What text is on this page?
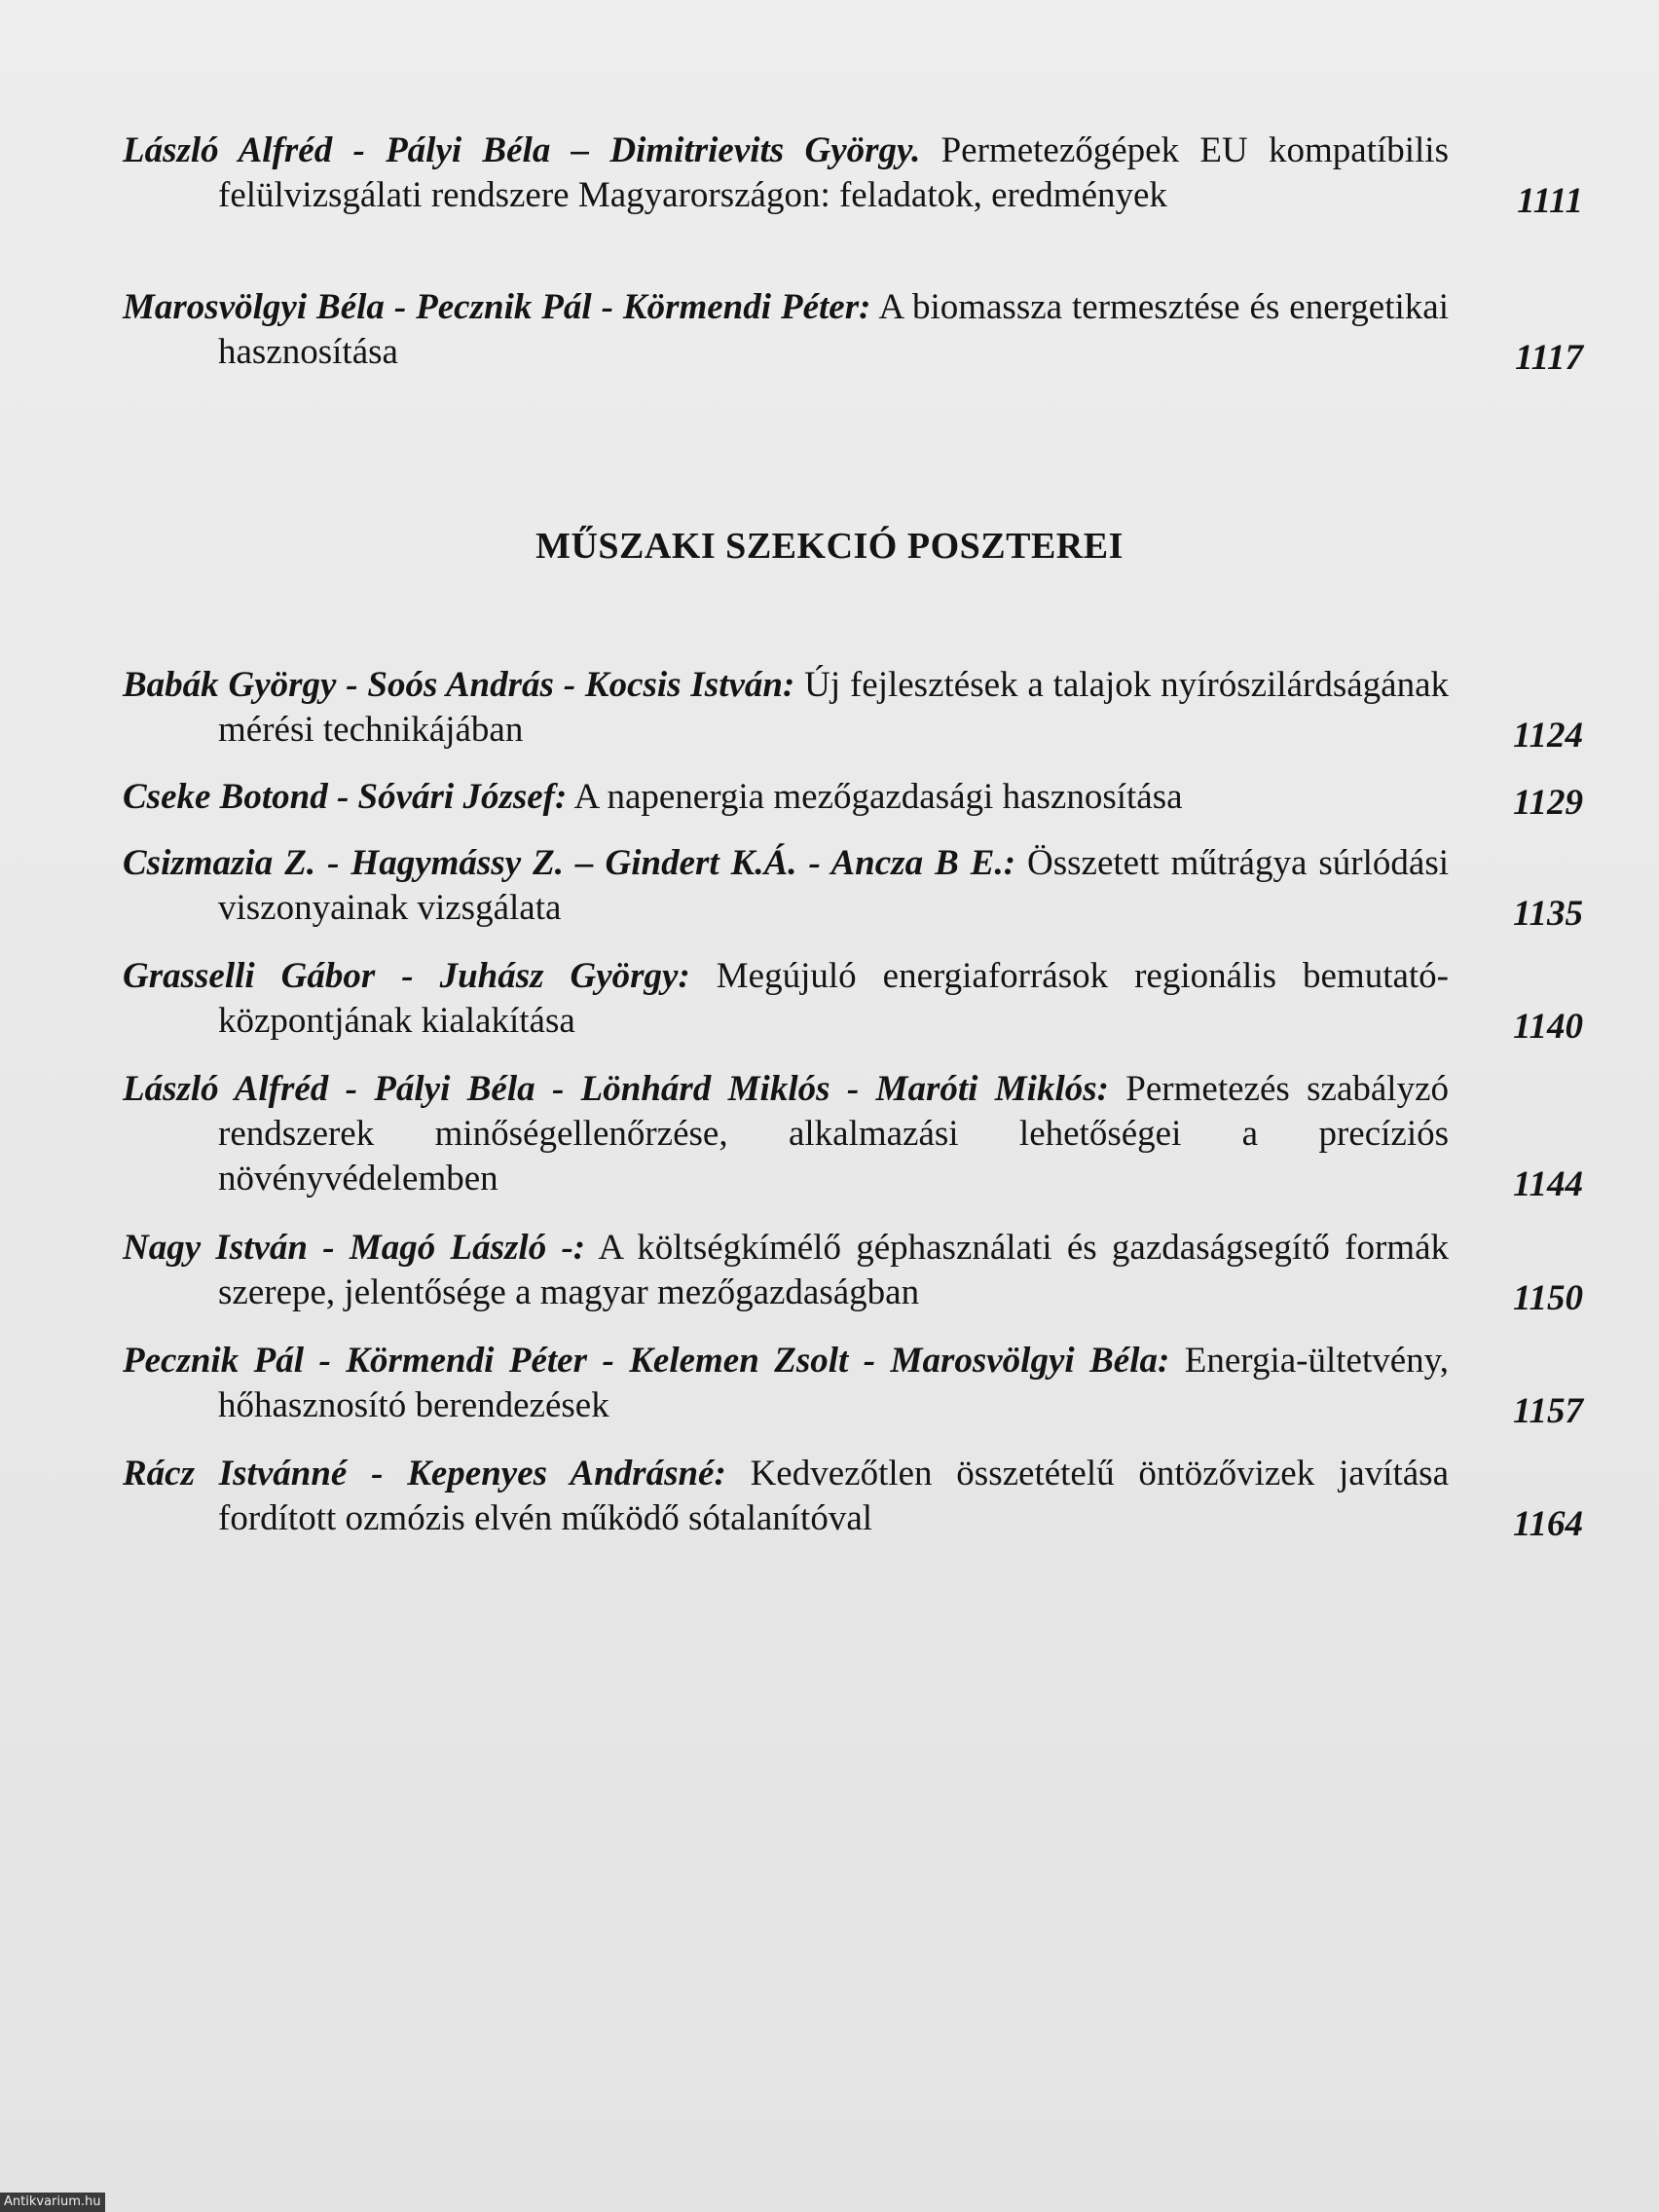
László Alfréd - Pályi Béla – Dimitrievits György. Permetezőgépek EU kompatíbilis felülvizsgálati rendszere Magyarországon: feladatok, eredmények	1111
Marosvölgyi Béla - Pecznik Pál - Körmendi Péter: A biomassza termesztése és energetikai hasznosítása	1117
MŰSZAKI SZEKCIÓ POSZTEREI
Babák György - Soós András - Kocsis István: Új fejlesztések a talajok nyírószilárdságának mérési technikájában	1124
Cseke Botond - Sóvári József: A napenergia mezőgazdasági hasznosítása	1129
Csizmazia Z. - Hagymássy Z. – Gindert K.Á. - Ancza B E.: Összetett műtrágya súrlódási viszonyainak vizsgálata	1135
Grasselli Gábor - Juhász György: Megújuló energiaforrások regionális bemutató-központjának kialakítása	1140
László Alfréd - Pályi Béla - Lönhárd Miklós - Maróti Miklós: Permetezés szabályzó rendszerek minőségellenőrzése, alkalmazási lehetőségei a precíziós növényvédelemben	1144
Nagy István - Magó László -: A költségkímélő géphasználati és gazdaságsegítő formák szerepe, jelentősége a magyar mezőgazdaságban	1150
Pecznik Pál - Körmendi Péter - Kelemen Zsolt - Marosvölgyi Béla: Energia-ültetvény, hőhasznosító berendezések	1157
Rácz Istvánné - Kepenyes Andrásné: Kedvezőtlen összetételű öntözővizek javítása fordított ozmózis elvén működő sótalanítóval	1164
Antikvarium.hu
